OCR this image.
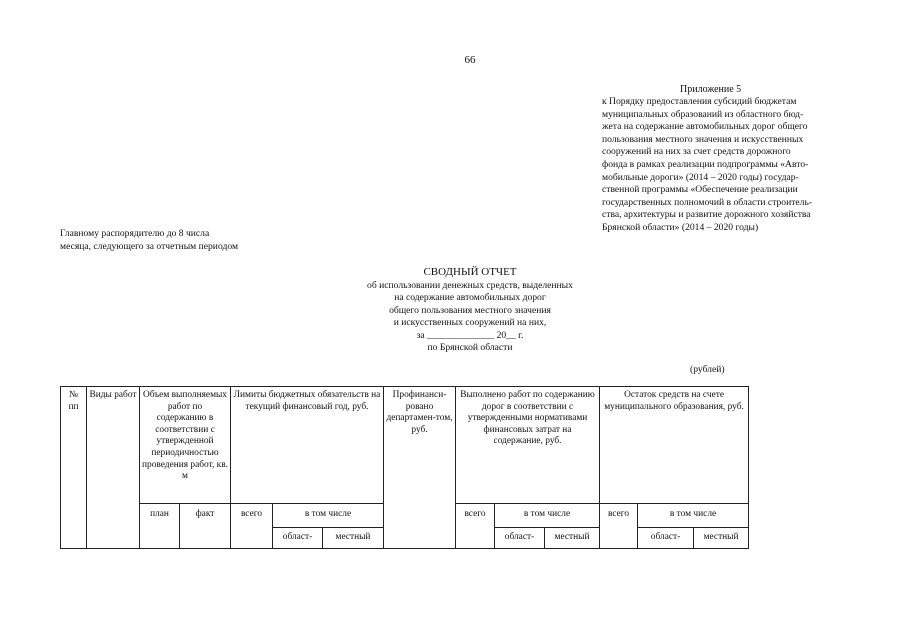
66
Приложение 5
к Порядку предоставления субсидий бюджетам
муниципальных образований из областного бюд-
жета на содержание автомобильных дорог общего
пользования местного значения и искусственных
сооружений на них за счет средств дорожного
фонда в рамках реализации подпрограммы «Авто-
мобильные дороги» (2014 – 2020 годы) государ-
ственной программы «Обеспечение реализации
государственных полномочий в области строитель-
ства, архитектуры и развитие дорожного хозяйства
Брянской области» (2014 – 2020 годы)
Главному распорядителю до 8 числа
месяца, следующего за отчетным периодом
СВОДНЫЙ ОТЧЕТ
об использовании денежных средств, выделенных
на содержание автомобильных дорог
общего пользования местного значения
и искусственных сооружений на них,
за ______________ 20__ г.
по Брянской области
(рублей)
№ пп	Виды работ	Объем выполняемых работ по содержанию в соответствии с утвержденной периодичностью проведения работ, кв. м		Лимиты бюджетных обязательств на текущий финансовый год, руб.			Профинанси-ровано департамен-том, руб.	Выполнено работ по содержанию дорог в соответствии с утвержденными нормативами финансовых затрат на содержание, руб.			Остаток средств на счете муниципального образования, руб.		
		план	факт	всего	в том числе			всего	в том числе		всего	в том числе	
					област-	местный			област-	местный		област-	местный
